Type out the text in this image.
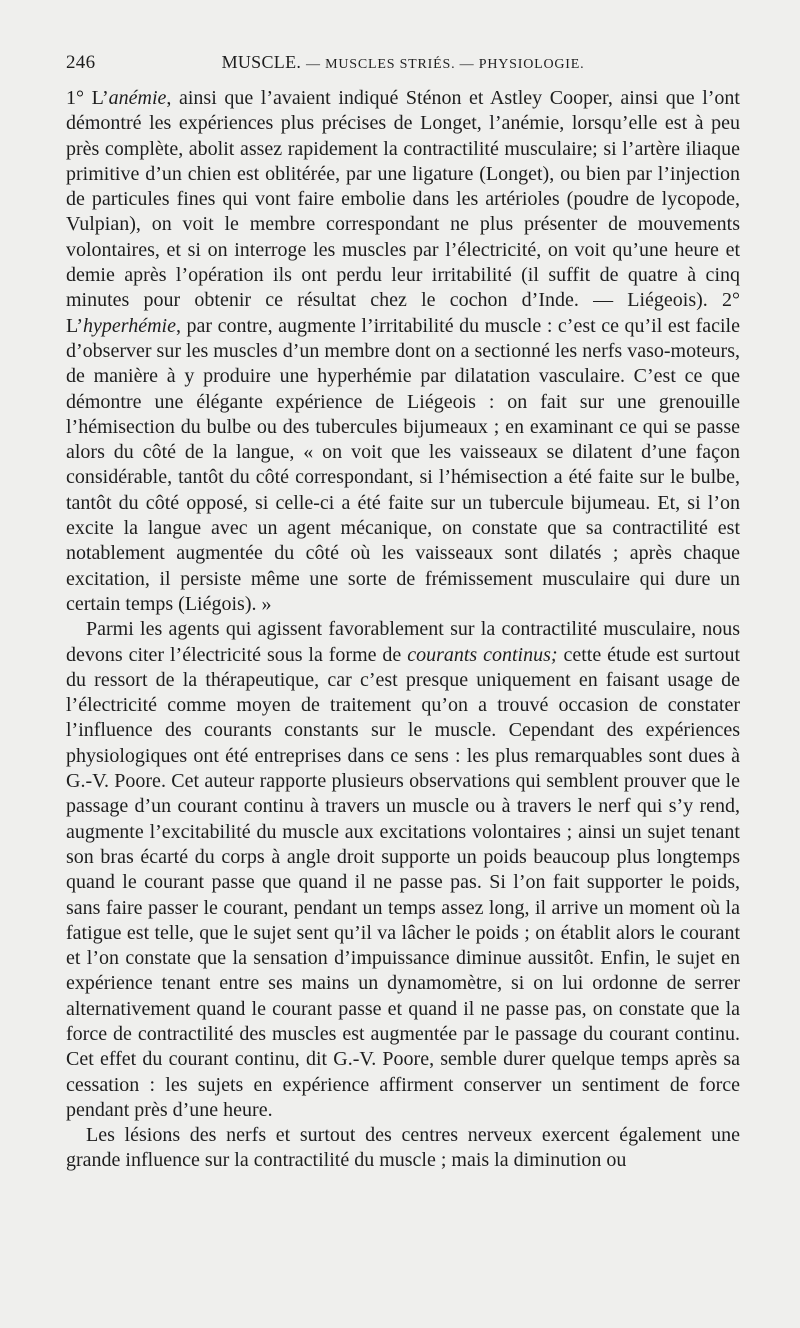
246	MUSCLE. — MUSCLES STRIÉS. — PHYSIOLOGIE.

1° L’anémie, ainsi que l’avaient indiqué Sténon et Astley Cooper, ainsi que l’ont démontré les expériences plus précises de Longet, l’anémie, lorsqu’elle est à peu près complète, abolit assez rapidement la contractilité musculaire; si l’artère iliaque primitive d’un chien est oblitérée, par une ligature (Longet), ou bien par l’injection de particules fines qui vont faire embolie dans les artérioles (poudre de lycopode, Vulpian), on voit le membre correspondant ne plus présenter de mouvements volontaires, et si on interroge les muscles par l’électricité, on voit qu’une heure et demie après l’opération ils ont perdu leur irritabilité (il suffit de quatre à cinq minutes pour obtenir ce résultat chez le cochon d’Inde. — Liégeois). 2° L’hyperhémie, par contre, augmente l’irritabilité du muscle : c’est ce qu’il est facile d’observer sur les muscles d’un membre dont on a sectionné les nerfs vaso-moteurs, de manière à y produire une hyperhémie par dilatation vasculaire. C’est ce que démontre une élégante expérience de Liégeois : on fait sur une grenouille l’hémisection du bulbe ou des tubercules bijumeaux ; en examinant ce qui se passe alors du côté de la langue, « on voit que les vaisseaux se dilatent d’une façon considérable, tantôt du côté correspondant, si l’hémisection a été faite sur le bulbe, tantôt du côté opposé, si celle-ci a été faite sur un tubercule bijumeau. Et, si l’on excite la langue avec un agent mécanique, on constate que sa contractilité est notablement augmentée du côté où les vaisseaux sont dilatés ; après chaque excitation, il persiste même une sorte de frémissement musculaire qui dure un certain temps (Liégois). »

Parmi les agents qui agissent favorablement sur la contractilité musculaire, nous devons citer l’électricité sous la forme de courants continus; cette étude est surtout du ressort de la thérapeutique, car c’est presque uniquement en faisant usage de l’électricité comme moyen de traitement qu’on a trouvé occasion de constater l’influence des courants constants sur le muscle. Cependant des expériences physiologiques ont été entreprises dans ce sens : les plus remarquables sont dues à G.-V. Poore. Cet auteur rapporte plusieurs observations qui semblent prouver que le passage d’un courant continu à travers un muscle ou à travers le nerf qui s’y rend, augmente l’excitabilité du muscle aux excitations volontaires ; ainsi un sujet tenant son bras écarté du corps à angle droit supporte un poids beaucoup plus longtemps quand le courant passe que quand il ne passe pas. Si l’on fait supporter le poids, sans faire passer le courant, pendant un temps assez long, il arrive un moment où la fatigue est telle, que le sujet sent qu’il va lâcher le poids ; on établit alors le courant et l’on constate que la sensation d’impuissance diminue aussitôt. Enfin, le sujet en expérience tenant entre ses mains un dynamomètre, si on lui ordonne de serrer alternativement quand le courant passe et quand il ne passe pas, on constate que la force de contractilité des muscles est augmentée par le passage du courant continu. Cet effet du courant continu, dit G.-V. Poore, semble durer quelque temps après sa cessation : les sujets en expérience affirment conserver un sentiment de force pendant près d’une heure.

Les lésions des nerfs et surtout des centres nerveux exercent également une grande influence sur la contractilité du muscle ; mais la diminution ou
